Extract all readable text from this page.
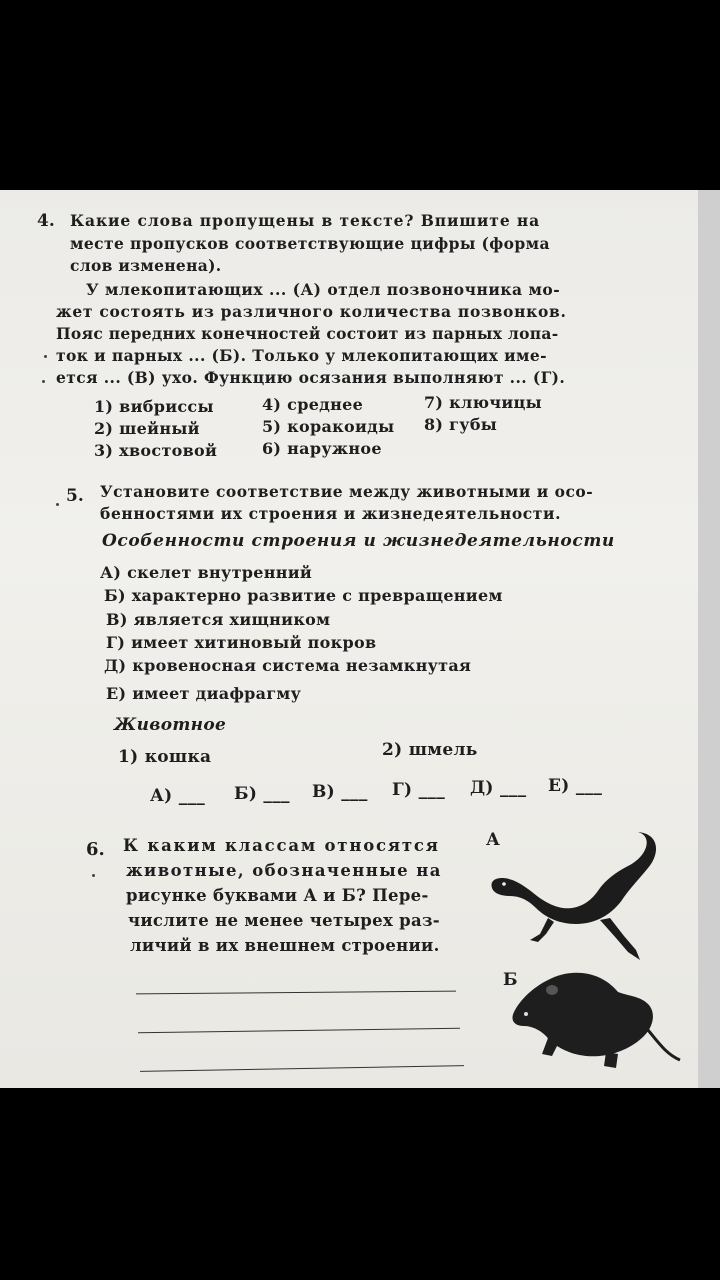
4. Какие слова пропущены в тексте? Впишите на
месте пропусков соответствующие цифры (форма
слов изменена).
У млекопитающих ... (А) отдел позвоночника мо-
жет состоять из различного количества позвонков.
Пояс передних конечностей состоит из парных лопа-
ток и парных ... (Б). Только у млекопитающих име-
ется ... (В) ухо. Функцию осязания выполняют ... (Г).
1) вибриссы
2) шейный
3) хвостовой
4) среднее
5) коракоиды
6) наружное
7) ключицы
8) губы
5. Установите соответствие между животными и осо-
бенностями их строения и жизнедеятельности.
Особенности строения и жизнедеятельности
А) скелет внутренний
Б) характерно развитие с превращением
В) является хищником
Г) имеет хитиновый покров
Д) кровеносная система незамкнутая
Е) имеет диафрагму
Животное
1) кошка	2) шмель
А) ___ Б) ___ В) ___ Г) ___ Д) ___ Е) ___
6. К каким классам относятся
животные, обозначенные на
рисунке буквами А и Б? Пере-
числите не менее четырех раз-
личий в их внешнем строении.
А
Б
